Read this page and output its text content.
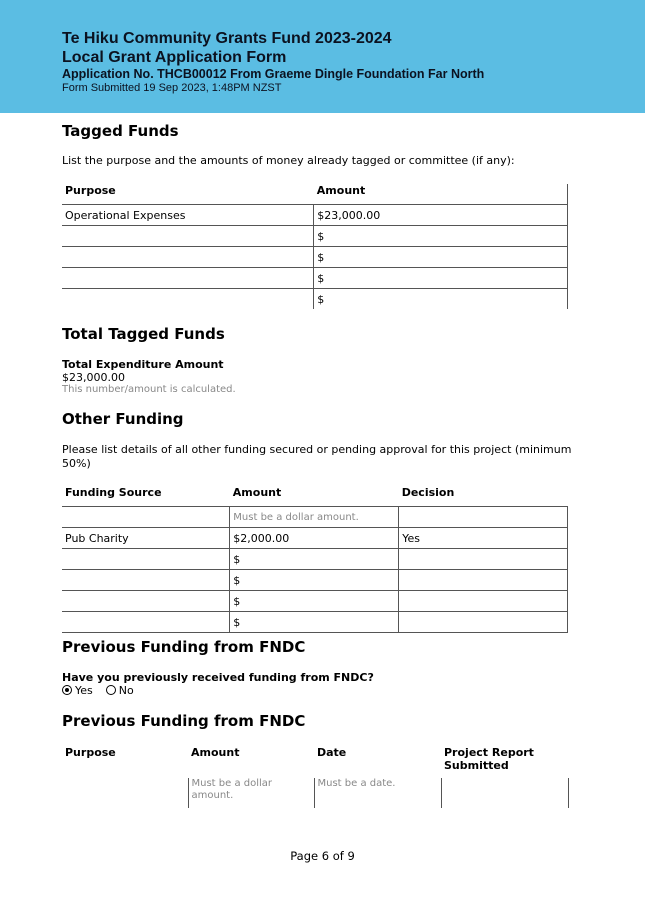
Te Hiku Community Grants Fund 2023-2024
Local Grant Application Form
Application No. THCB00012 From Graeme Dingle Foundation Far North
Form Submitted 19 Sep 2023, 1:48PM NZST
Tagged Funds
List the purpose and the amounts of money already tagged or committee (if any):
Purpose	Amount
Operational Expenses	$23,000.00
	$
	$
	$
	$
Total Tagged Funds
Total Expenditure Amount
$23,000.00
This number/amount is calculated.
Other Funding
Please list details of all other funding secured or pending approval for this project (minimum 50%)
Funding Source	Amount	Decision
	Must be a dollar amount.	
Pub Charity	$2,000.00	Yes
	$	
	$	
	$	
	$	
Previous Funding from FNDC
Have you previously received funding from FNDC?
Yes No
Previous Funding from FNDC
Purpose	Amount	Date	Project Report Submitted
	Must be a dollar amount.	Must be a date.	
Page 6 of 9
